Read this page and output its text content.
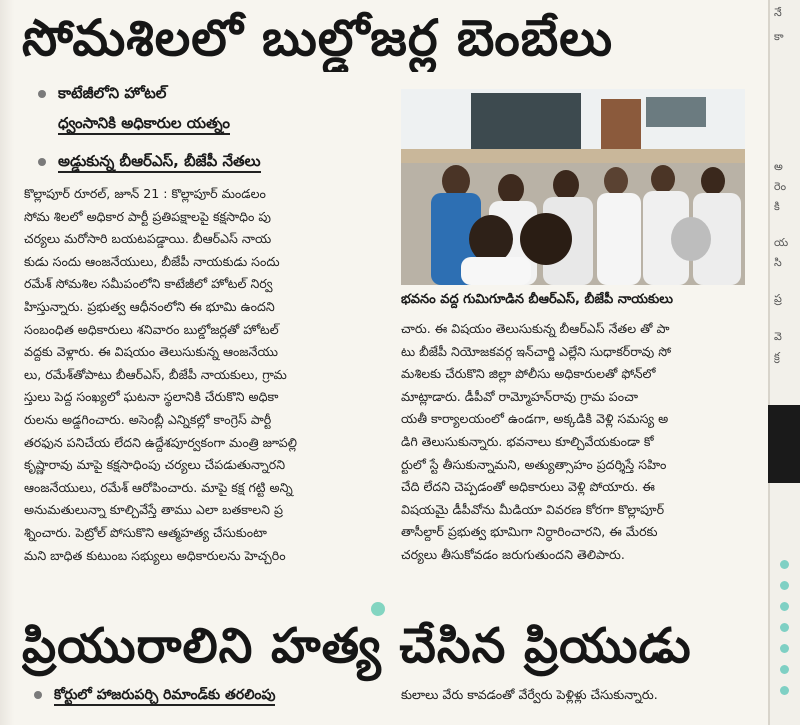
సోమశిలలో బుల్డోజర్ల బెంబేలు
కాటేజీలోని హోటల్
ధ్వంసానికి అధికారుల యత్నం
అడ్డుకున్న బీఆర్ఎస్, బీజేపీ నేతలు
భవనం వద్ద గుమిగూడిన బీఆర్ఎస్, బీజేపీ నాయకులు

కొల్లాపూర్ రూరల్, జూన్ 21 : కొల్లాపూర్ మండలం

సోమ శిలలో అధికార పార్టీ ప్రతిపక్షాలపై కక్షసాధిం పు

చర్యలు మరోసారి బయటపడ్డాయి. బీఆర్ఎస్ నాయ

కుడు సందు ఆంజనేయులు, బీజేపీ నాయకుడు సందు

రమేశ్ సోమశిల సమీపంలోని కాటేజీలో హోటల్ నిర్వ

హిస్తున్నారు. ప్రభుత్వ ఆధీనంలోని ఈ భూమి ఉందని

సంబంధిత అధికారులు శనివారం బుల్డోజర్లతో హోటల్

వద్దకు వెళ్లారు. ఈ విషయం తెలుసుకున్న ఆంజనేయు

లు, రమేశ్‌తోపాటు బీఆర్ఎస్, బీజేపీ నాయకులు, గ్రామ

స్తులు పెద్ద సంఖ్యలో ఘటనా స్థలానికి చేరుకొని అధికా

రులను అడ్డగించారు. అసెంబ్లీ ఎన్నికల్లో కాంగ్రెస్ పార్టీ

తరఫున పనిచేయ లేదని ఉద్దేశపూర్వకంగా మంత్రి జూపల్లి

కృష్ణారావు మాపై కక్షసాధింపు చర్యలు చేపడుతున్నారని

ఆంజనేయులు, రమేశ్ ఆరోపించారు. మాపై కక్ష గట్టి అన్ని

అనుమతులున్నా కూల్చివేస్తే తాము ఎలా బతకాలని ప్ర

శ్నించారు. పెట్రోల్ పోసుకొని ఆత్మహత్య చేసుకుంటా

మని బాధిత కుటుంబ సభ్యులు అధికారులను హెచ్చరిం

చారు. ఈ విషయం తెలుసుకున్న బీఆర్ఎస్ నేతల తో పా

టు బీజేపీ నియోజకవర్గ ఇన్‌చార్జి ఎల్లేని సుధాకర్‌రావు సో

మశిలకు చేరుకొని జిల్లా పోలీసు అధికారులతో ఫోన్‌లో

మాట్లాడారు. డీపీవో రామ్మోహన్‌రావు గ్రామ పంచా

యతీ కార్యాలయంలో ఉండగా, అక్కడికి వెళ్లి సమస్య అ

డిగి తెలుసుకున్నారు. భవనాలు కూల్చివేయకుండా కో

ర్టులో స్టే తీసుకున్నామని, అత్యుత్సాహం ప్రదర్శిస్తే సహిం

చేది లేదని చెప్పడంతో అధికారులు వెళ్లి పోయారు. ఈ

విషయమై డీపీవోను మీడియా వివరణ కోరగా కొల్లాపూర్

తాసీల్దార్ ప్రభుత్వ భూమిగా నిర్ధారించారని, ఈ మేరకు

చర్యలు తీసుకోవడం జరుగుతుందని తెలిపారు.

ప్రియురాలిని హత్య చేసిన ప్రియుడు
కోర్టులో హాజరుపర్చి రిమాండ్‌కు తరలింపు	కులాలు వేరు కావడంతో వేర్వేరు పెళ్లిళ్లు చేసుకున్నారు.
నే
కా
అ
రెం
కి
య
సి
ప్ర
వె
క్ర
